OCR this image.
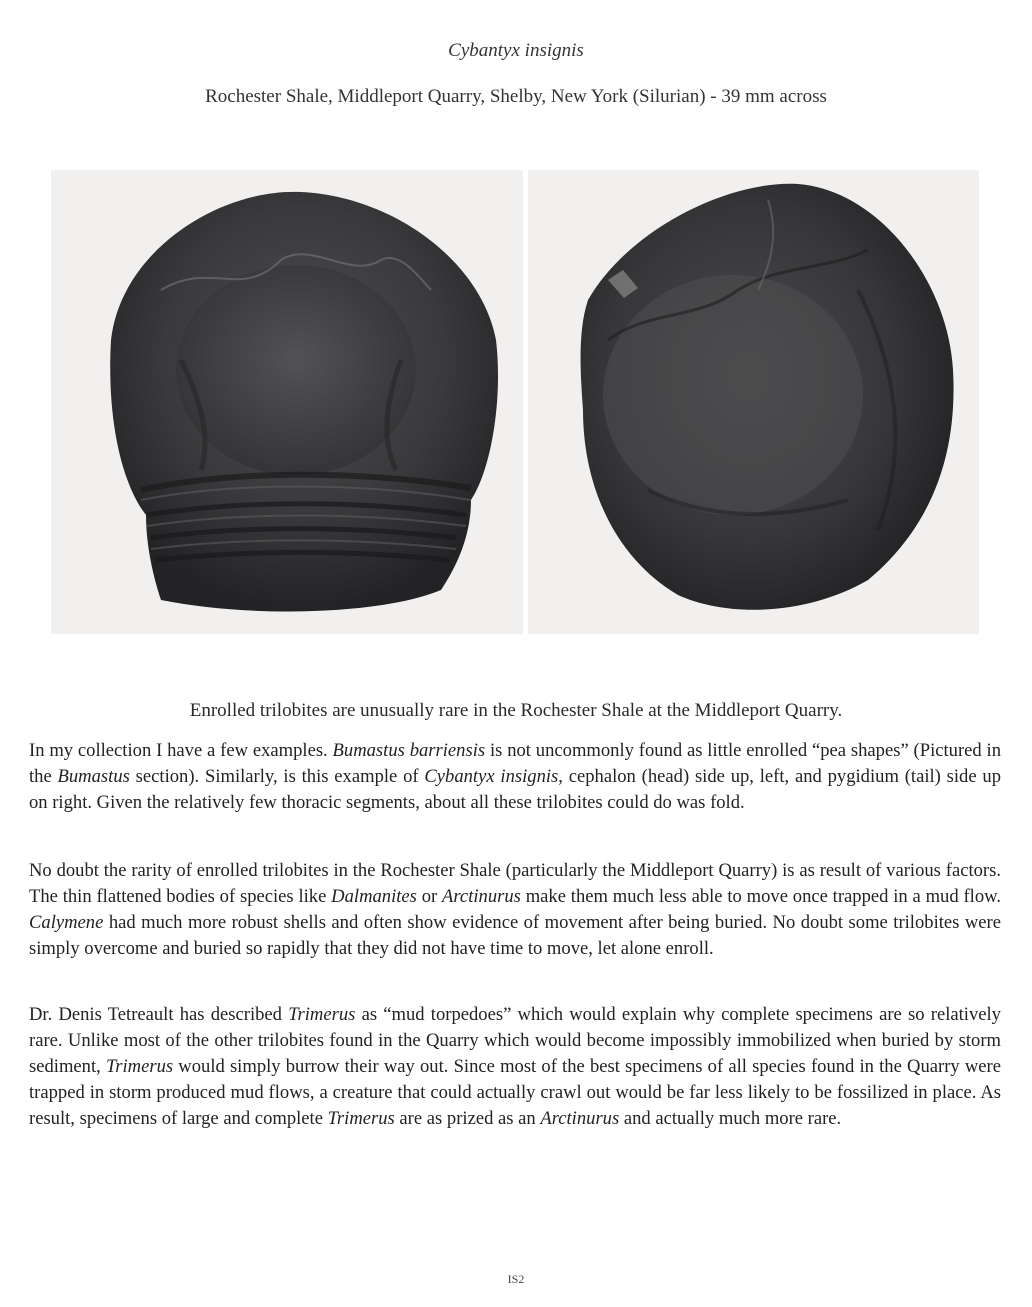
Cybantyx insignis
Rochester Shale, Middleport Quarry, Shelby, New York (Silurian) - 39 mm across
Enrolled trilobites are unusually rare in the Rochester Shale at the Middleport Quarry.

In my collection I have a few examples. Bumastus barriensis is not uncommonly found as little enrolled “pea shapes” (Pictured in the Bumastus section). Similarly, is this example of Cybantyx insignis, cephalon (head) side up, left, and pygidium (tail) side up on right. Given the relatively few thoracic segments, about all these trilobites could do was fold.

No doubt the rarity of enrolled trilobites in the Rochester Shale (particularly the Middleport Quarry) is as result of various factors. The thin flattened bodies of species like Dalmanites or Arctinurus make them much less able to move once trapped in a mud flow. Calymene had much more robust shells and often show evidence of movement after being buried. No doubt some trilobites were simply overcome and buried so rapidly that they did not have time to move, let alone enroll.

Dr. Denis Tetreault has described Trimerus as “mud torpedoes” which would explain why complete specimens are so relatively rare. Unlike most of the other trilobites found in the Quarry which would become impossibly immobilized when buried by storm sediment, Trimerus would simply burrow their way out. Since most of the best specimens of all species found in the Quarry were trapped in storm produced mud flows, a creature that could actually crawl out would be far less likely to be fossilized in place. As result, specimens of large and complete Trimerus are as prized as an Arctinurus and actually much more rare.

IS2
